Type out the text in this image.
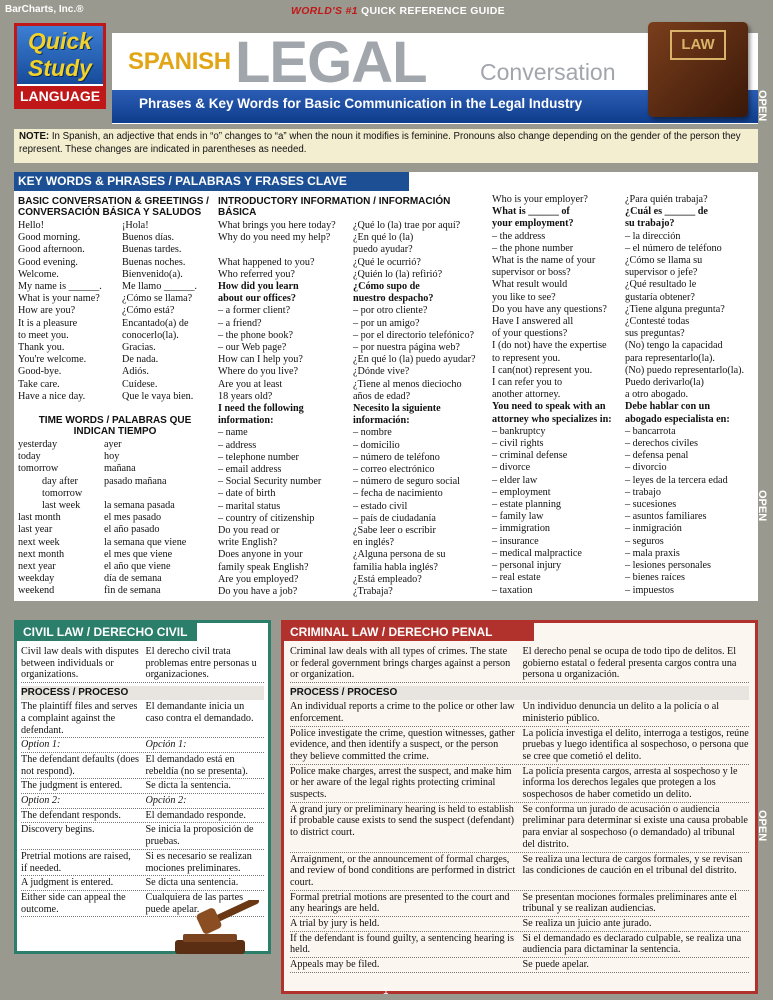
BarCharts, Inc.®	WORLD'S #1 QUICK REFERENCE GUIDE
Quick
Study
LANGUAGE
SPANISH LEGAL Conversation
Phrases & Key Words for Basic Communication in the Legal Industry
LAW
NOTE: In Spanish, an adjective that ends in “o” changes to “a” when the noun it modifies is feminine. Pronouns also change depending on the gender of the person they represent. These changes are indicated in parentheses as needed.
KEY WORDS & PHRASES / PALABRAS Y FRASES CLAVE
BASIC CONVERSATION & GREETINGS / CONVERSACIÓN BÁSICA Y SALUDOS
Hello!	¡Hola!
Good morning.	Buenos días.
Good afternoon.	Buenas tardes.
Good evening.	Buenas noches.
Welcome.	Bienvenido(a).
My name is ______.	Me llamo ______.
What is your name?	¿Cómo se llama?
How are you?	¿Cómo está?
It is a pleasure	Encantado(a) de
to meet you.	conocerlo(la).
Thank you.	Gracias.
You're welcome.	De nada.
Good-bye.	Adiós.
Take care.	Cuídese.
Have a nice day.	Que le vaya bien.
TIME WORDS / PALABRAS QUE INDICAN TIEMPO
yesterday	ayer
today	hoy
tomorrow	mañana
day after	pasado mañana
tomorrow
last week	la semana pasada
last month	el mes pasado
last year	el año pasado
next week	la semana que viene
next month	el mes que viene
next year	el año que viene
weekday	día de semana
weekend	fin de semana
INTRODUCTORY INFORMATION / INFORMACIÓN BÁSICA
What brings you here today?	¿Qué lo (la) trae por aquí?
Why do you need my help?	¿En qué lo (la)
puedo ayudar?
What happened to you?	¿Qué le ocurrió?
Who referred you?	¿Quién lo (la) refirió?
How did you learn	¿Cómo supo de
about our offices?	nuestro despacho?
– a former client?	– por otro cliente?
– a friend?	– por un amigo?
– the phone book?	– por el directorio telefónico?
– our Web page?	– por nuestra página web?
How can I help you?	¿En qué lo (la) puedo ayudar?
Where do you live?	¿Dónde vive?
Are you at least	¿Tiene al menos dieciocho
18 years old?	años de edad?
I need the following	Necesito la siguiente
information:	información:
– name	– nombre
– address	– domicilio
– telephone number	– número de teléfono
– email address	– correo electrónico
– Social Security number	– número de seguro social
– date of birth	– fecha de nacimiento
– marital status	– estado civil
– country of citizenship	– país de ciudadanía
Do you read or	¿Sabe leer o escribir
write English?	en inglés?
Does anyone in your	¿Alguna persona de su
family speak English?	familia habla inglés?
Are you employed?	¿Está empleado?
Do you have a job?	¿Trabaja?
Who is your employer?	¿Para quién trabaja?
What is ______ of	¿Cuál es ______ de
your employment?	su trabajo?
– the address	– la dirección
– the phone number	– el número de teléfono
What is the name of your	¿Cómo se llama su
supervisor or boss?	supervisor o jefe?
What result would	¿Qué resultado le
you like to see?	gustaría obtener?
Do you have any questions?	¿Tiene alguna pregunta?
Have I answered all	¿Contesté todas
of your questions?	sus preguntas?
I (do not) have the expertise	(No) tengo la capacidad
to represent you.	para representarlo(la).
I can(not) represent you.	(No) puedo representarlo(la).
I can refer you to	Puedo derivarlo(la)
another attorney.	a otro abogado.
You need to speak with an	Debe hablar con un
attorney who specializes in:	abogado especialista en:
– bankruptcy	– bancarrota
– civil rights	– derechos civiles
– criminal defense	– defensa penal
– divorce	– divorcio
– elder law	– leyes de la tercera edad
– employment	– trabajo
– estate planning	– sucesiones
– family law	– asuntos familiares
– immigration	– inmigración
– insurance	– seguros
– medical malpractice	– mala praxis
– personal injury	– lesiones personales
– real estate	– bienes raíces
– taxation	– impuestos
CIVIL LAW / DERECHO CIVIL
Civil law deals with disputes between individuals or organizations.
El derecho civil trata problemas entre personas u organizaciones.
PROCESS / PROCESO
The plaintiff files and serves a complaint against the defendant.
El demandante inicia un caso contra el demandado.
Option 1:	Opción 1:
The defendant defaults (does not respond).
El demandado está en rebeldía (no se presenta).
The judgment is entered.	Se dicta la sentencia.
Option 2:	Opción 2:
The defendant responds.	El demandado responde.
Discovery begins.	Se inicia la proposición de pruebas.
Pretrial motions are raised, if needed.
Si es necesario se realizan mociones preliminares.
A judgment is entered.	Se dicta una sentencia.
Either side can appeal the outcome.
Cualquiera de las partes puede apelar.
CRIMINAL LAW / DERECHO PENAL
Criminal law deals with all types of crimes. The state or federal government brings charges against a person or organization.
El derecho penal se ocupa de todo tipo de delitos. El gobierno estatal o federal presenta cargos contra una persona u organización.
PROCESS / PROCESO
An individual reports a crime to the police or other law enforcement.
Un individuo denuncia un delito a la policía o al ministerio público.
Police investigate the crime, question witnesses, gather evidence, and then identify a suspect, or the person they believe committed the crime.
La policía investiga el delito, interroga a testigos, reúne pruebas y luego identifica al sospechoso, o persona que se cree que cometió el delito.
Police make charges, arrest the suspect, and make him or her aware of the legal rights protecting criminal suspects.
La policía presenta cargos, arresta al sospechoso y le informa los derechos legales que protegen a los sospechosos de haber cometido un delito.
A grand jury or preliminary hearing is held to establish if probable cause exists to send the suspect (defendant) to district court.
Se conforma un jurado de acusación o audiencia preliminar para determinar si existe una causa probable para enviar al sospechoso (o demandado) al tribunal del distrito.
Arraignment, or the announcement of formal charges, and review of bond conditions are performed in district court.
Se realiza una lectura de cargos formales, y se revisan las condiciones de caución en el tribunal del distrito.
Formal pretrial motions are presented to the court and any hearings are held.
Se presentan mociones formales preliminares ante el tribunal y se realizan audiencias.
A trial by jury is held.	Se realiza un juicio ante jurado.
If the defendant is found guilty, a sentencing hearing is held.
Si el demandado es declarado culpable, se realiza una audiencia para dictaminar la sentencia.
Appeals may be filed.	Se puede apelar.
OPEN
OPEN
OPEN
1
